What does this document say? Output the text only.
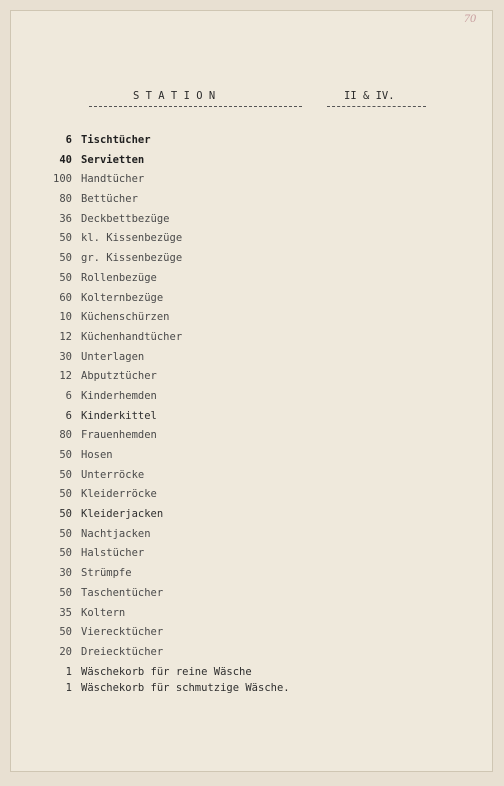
70
S T A T I O N	II & IV.
6 Tischtücher
40 Servietten
100 Handtücher
80 Bettücher
36 Deckbettbezüge
50 kl. Kissenbezüge
50 gr. Kissenbezüge
50 Rollenbezüge
60 Kolternbezüge
10 Küchenschürzen
12 Küchenhandtücher
30 Unterlagen
12 Abputztücher
6 Kinderhemden
6 Kinderkittel
80 Frauenhemden
50 Hosen
50 Unterröcke
50 Kleiderröcke
50 Kleiderjacken
50 Nachtjacken
50 Halstücher
30 Strümpfe
50 Taschentücher
35 Koltern
50 Vierecktücher
20 Dreiecktücher
1 Wäschekorb für reine Wäsche
1 Wäschekorb für schmutzige Wäsche.
